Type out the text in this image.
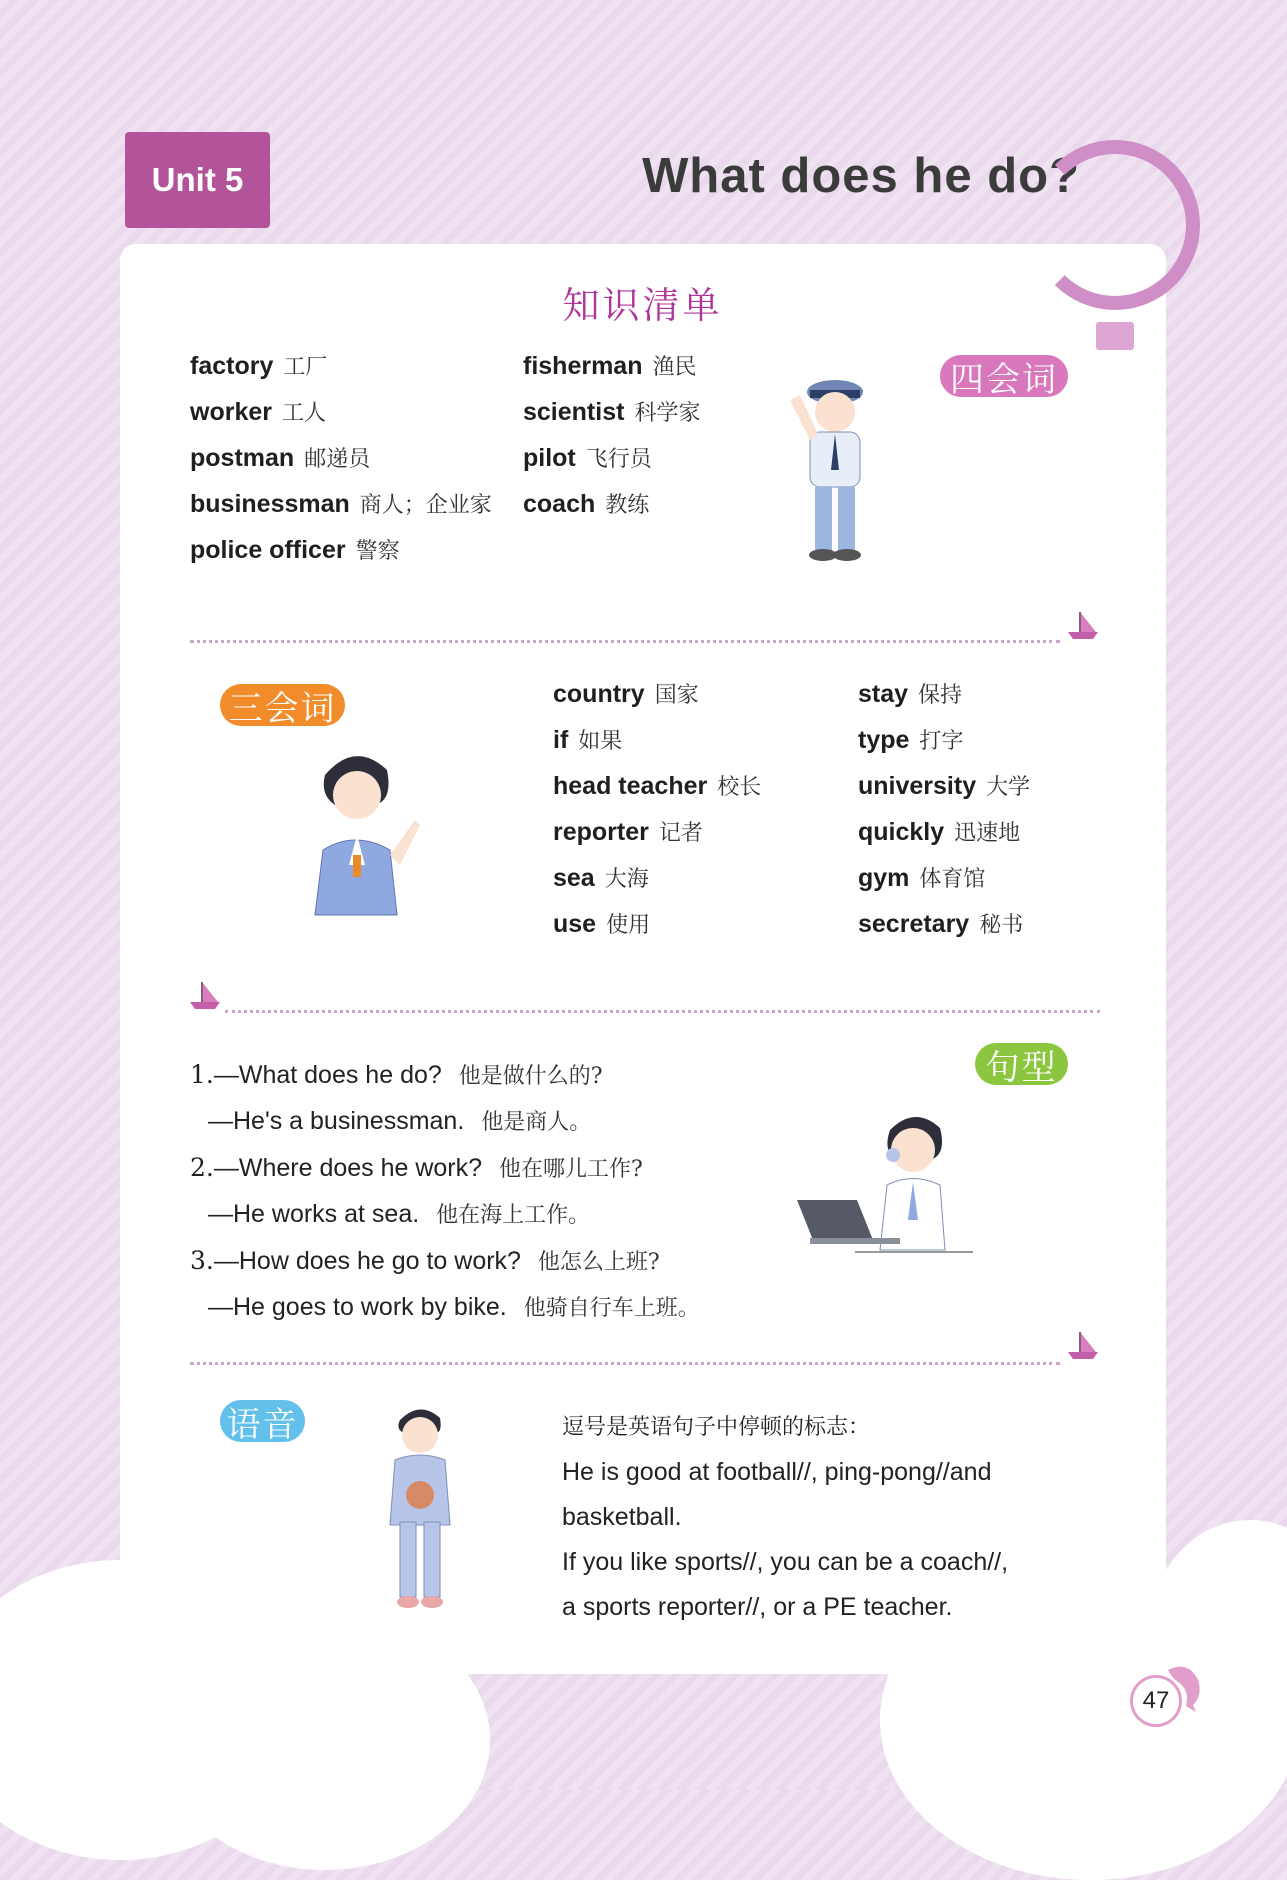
Unit 5	What does he do?
知识清单
四会词
factory 工厂
worker 工人
postman 邮递员
businessman 商人；企业家
police officer 警察
fisherman 渔民
scientist 科学家
pilot 飞行员
coach 教练
三会词	country 国家
if 如果
head teacher 校长
reporter 记者
sea 大海
use 使用
stay 保持
type 打字
university 大学
quickly 迅速地
gym 体育馆
secretary 秘书
句型
1.—What does he do? 他是做什么的?
—He's a businessman. 他是商人。
2.—Where does he work? 他在哪儿工作?
—He works at sea. 他在海上工作。
3.—How does he go to work? 他怎么上班?
—He goes to work by bike. 他骑自行车上班。
语音	逗号是英语句子中停顿的标志：
He is good at football//, ping-pong//and
basketball.
If you like sports//, you can be a coach//,
a sports reporter//, or a PE teacher.
47
